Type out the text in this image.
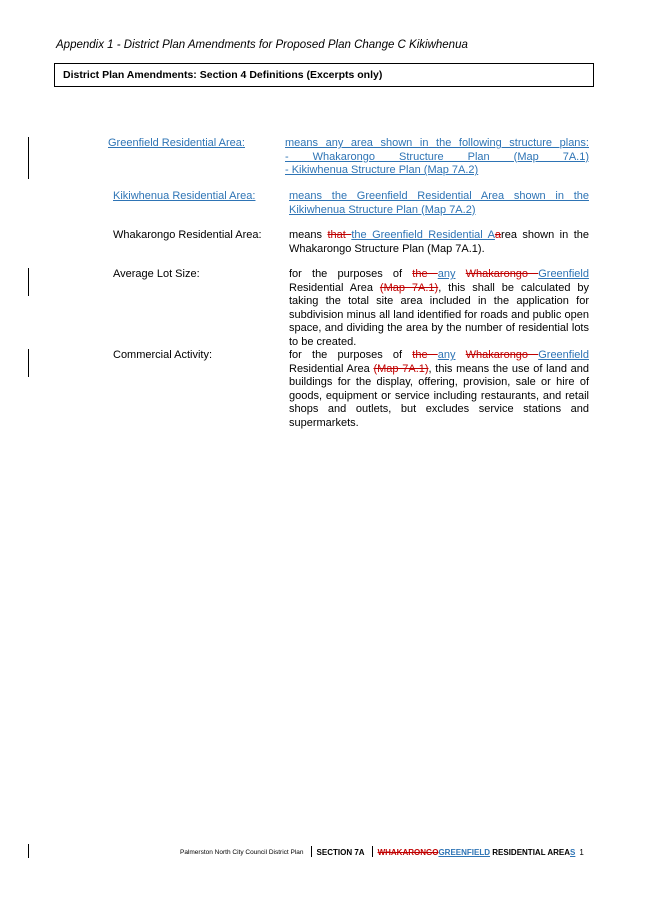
Appendix 1 - District Plan Amendments for Proposed Plan Change C Kikiwhenua
District Plan Amendments: Section 4 Definitions (Excerpts only)
Greenfield Residential Area:	means any area shown in the following structure plans:
- Whakarongo Structure Plan (Map 7A.1)
- Kikiwhenua Structure Plan (Map 7A.2)
Kikiwhenua Residential Area:	means the Greenfield Residential Area shown in the Kikiwhenua Structure Plan (Map 7A.2)
Whakarongo Residential Area: means that the Greenfield Residential Aarea shown in the Whakarongo Structure Plan (Map 7A.1).
Average Lot Size:	for the purposes of the any Whakarongo Greenfield Residential Area (Map 7A.1), this shall be calculated by taking the total site area included in the application for subdivision minus all land identified for roads and public open space, and dividing the area by the number of residential lots to be created.
Commercial Activity:	for the purposes of the any Whakarongo Greenfield Residential Area (Map 7A.1), this means the use of land and buildings for the display, offering, provision, sale or hire of goods, equipment or service including restaurants, and retail shops and outlets, but excludes service stations and supermarkets.
Palmerston North City Council District Plan SECTION 7A WHAKARONGOGREENFIELD RESIDENTIAL AREAS 1
